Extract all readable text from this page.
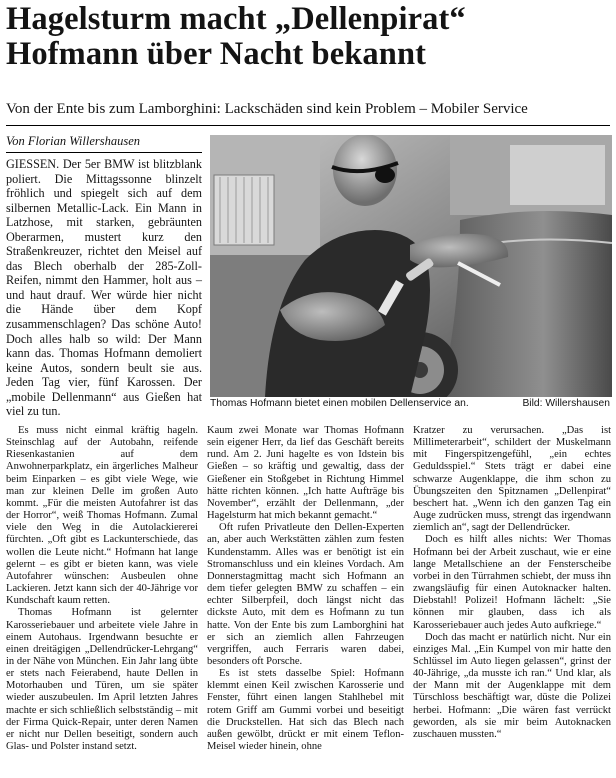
Hagelsturm macht „Dellenpirat“
Hofmann über Nacht bekannt
Von der Ente bis zum Lamborghini: Lackschäden sind kein Problem – Mobiler Service
Von Florian Willershausen

GIESSEN. Der 5er BMW ist blitzblank poliert. Die Mittagssonne blinzelt fröhlich und spiegelt sich auf dem silbernen Metallic-Lack. Ein Mann in Latzhose, mit starken, gebräunten Oberarmen, mustert kurz den Straßenkreuzer, richtet den Meisel auf das Blech oberhalb der 285-Zoll-Reifen, nimmt den Hammer, holt aus – und haut drauf. Wer würde hier nicht die Hände über dem Kopf zusammenschlagen? Das schöne Auto! Doch alles halb so wild: Der Mann kann das. Thomas Hofmann demoliert keine Autos, sondern beult sie aus. Jeden Tag vier, fünf Karossen. Der „mobile Dellenmann“ aus Gießen hat viel zu tun.

Thomas Hofmann bietet einen mobilen Dellenservice an.	Bild: Willershausen

Es muss nicht einmal kräftig hageln. Steinschlag auf der Autobahn, reifende Riesenkastanien auf dem Anwohnerparkplatz, ein ärgerliches Malheur beim Einparken – es gibt viele Wege, wie man zur kleinen Delle im großen Auto kommt. „Für die meisten Autofahrer ist das der Horror“, weiß Thomas Hofmann. Zumal viele den Weg in die Autolackiererei fürchten. „Oft gibt es Lackunterschiede, das wollen die Leute nicht.“ Hofmann hat lange gelernt – es gibt er bieten kann, was viele Autofahrer wünschen: Ausbeulen ohne Lackieren. Jetzt kann sich der 40-Jährige vor Kundschaft kaum retten.

Thomas Hofmann ist gelernter Karosseriebauer und arbeitete viele Jahre in einem Autohaus. Irgendwann besuchte er einen dreitägigen „Dellendrücker-Lehrgang“ in der Nähe von München. Ein Jahr lang übte er stets nach Feierabend, haute Dellen in Motorhauben und Türen, um sie später wieder auszubeulen. Im April letzten Jahres machte er sich schließlich selbstständig – mit der Firma Quick-Repair, unter deren Namen er nicht nur Dellen beseitigt, sondern auch Glas- und Polster instand setzt.

Kaum zwei Monate war Thomas Hofmann sein eigener Herr, da lief das Geschäft bereits rund. Am 2. Juni hagelte es von Idstein bis Gießen – so kräftig und gewaltig, dass der Gießener ein Stoßgebet in Richtung Himmel hätte richten können. „Ich hatte Aufträge bis November“, erzählt der Dellenmann, „der Hagelsturm hat mich bekannt gemacht.“

Oft rufen Privatleute den Dellen-Experten an, aber auch Werkstätten zählen zum festen Kundenstamm. Alles was er benötigt ist ein Stromanschluss und ein kleines Vordach. Am Donnerstagmittag macht sich Hofmann an dem tiefer gelegten BMW zu schaffen – ein echter Silberpfeil, doch längst nicht das dickste Auto, mit dem es Hofmann zu tun hatte. Von der Ente bis zum Lamborghini hat er sich an ziemlich allen Fahrzeugen vergriffen, auch Ferraris waren dabei, besonders oft Porsche.

Es ist stets dasselbe Spiel: Hofmann klemmt einen Keil zwischen Karosserie und Fenster, führt einen langen Stahlhebel mit rotem Griff am Gummi vorbei und beseitigt die Druckstellen. Hat sich das Blech nach außen gewölbt, drückt er mit einem Teflon-Meisel wieder hinein, ohne

Kratzer zu verursachen. „Das ist Millimeterarbeit“, schildert der Muskelmann mit Fingerspitzengefühl, „ein echtes Geduldsspiel.“ Stets trägt er dabei eine schwarze Augenklappe, die ihm schon zu Übungszeiten den Spitznamen „Dellenpirat“ beschert hat. „Wenn ich den ganzen Tag ein Auge zudrücken muss, strengt das irgendwann ziemlich an“, sagt der Dellendrücker.

Doch es hilft alles nichts: Wer Thomas Hofmann bei der Arbeit zuschaut, wie er eine lange Metallschiene an der Fensterscheibe vorbei in den Türrahmen schiebt, der muss ihn zwangsläufig für einen Autoknacker halten. Diebstahl! Polizei! Hofmann lächelt: „Sie können mir glauben, dass ich als Karosseriebauer auch jedes Auto aufkriege.“

Doch das macht er natürlich nicht. Nur ein einziges Mal. „Ein Kumpel von mir hatte den Schlüssel im Auto liegen gelassen“, grinst der 40-Jährige, „da musste ich ran.“ Und klar, als der Mann mit der Augenklappe mit dem Türschloss beschäftigt war, düste die Polizei herbei. Hofmann: „Die wären fast verrückt geworden, als sie mir beim Autoknacken zuschauen mussten.“
